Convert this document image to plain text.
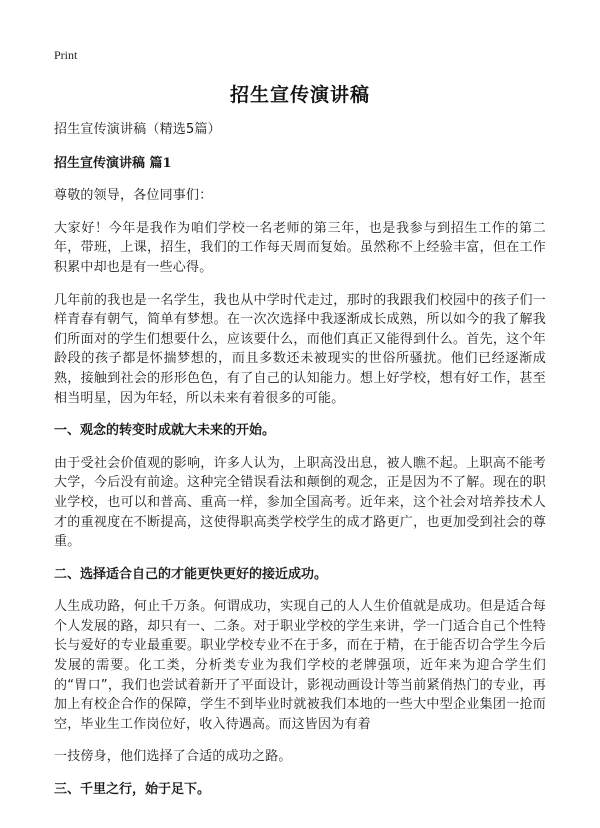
Print
招生宣传演讲稿

招生宣传演讲稿（精选5篇）

招生宣传演讲稿 篇1

尊敬的领导，各位同事们：

大家好！今年是我作为咱们学校一名老师的第三年，也是我参与到招生工作的第二年，带班，上课，招生，我们的工作每天周而复始。虽然称不上经验丰富，但在工作积累中却也是有一些心得。

几年前的我也是一名学生，我也从中学时代走过，那时的我跟我们校园中的孩子们一样青春有朝气，简单有梦想。在一次次选择中我逐渐成长成熟，所以如今的我了解我们所面对的学生们想要什么，应该要什么，而他们真正又能得到什么。首先，这个年龄段的孩子都是怀揣梦想的，而且多数还未被现实的世俗所骚扰。他们已经逐渐成熟，接触到社会的形形色色，有了自己的认知能力。想上好学校，想有好工作，甚至相当明星，因为年轻，所以未来有着很多的可能。

一、观念的转变时成就大未来的开始。

由于受社会价值观的影响，许多人认为，上职高没出息，被人瞧不起。上职高不能考大学，今后没有前途。这种完全错误看法和颠倒的观念，正是因为不了解。现在的职业学校，也可以和普高、重高一样，参加全国高考。近年来，这个社会对培养技术人才的重视度在不断提高，这使得职高类学校学生的成才路更广，也更加受到社会的尊重。

二、选择适合自己的才能更快更好的接近成功。

人生成功路，何止千万条。何谓成功，实现自己的人人生价值就是成功。但是适合每个人发展的路，却只有一、二条。对于职业学校的学生来讲，学一门适合自己个性特长与爱好的专业最重要。职业学校专业不在于多，而在于精，在于能否切合学生今后发展的需要。化工类，分析类专业为我们学校的老牌强项，近年来为迎合学生们的“胃口”，我们也尝试着新开了平面设计，影视动画设计等当前紧俏热门的专业，再加上有校企合作的保障，学生不到毕业时就被我们本地的一些大中型企业集团一抢而空，毕业生工作岗位好，收入待遇高。而这皆因为有着

一技傍身，他们选择了合适的成功之路。

三、千里之行，始于足下。
